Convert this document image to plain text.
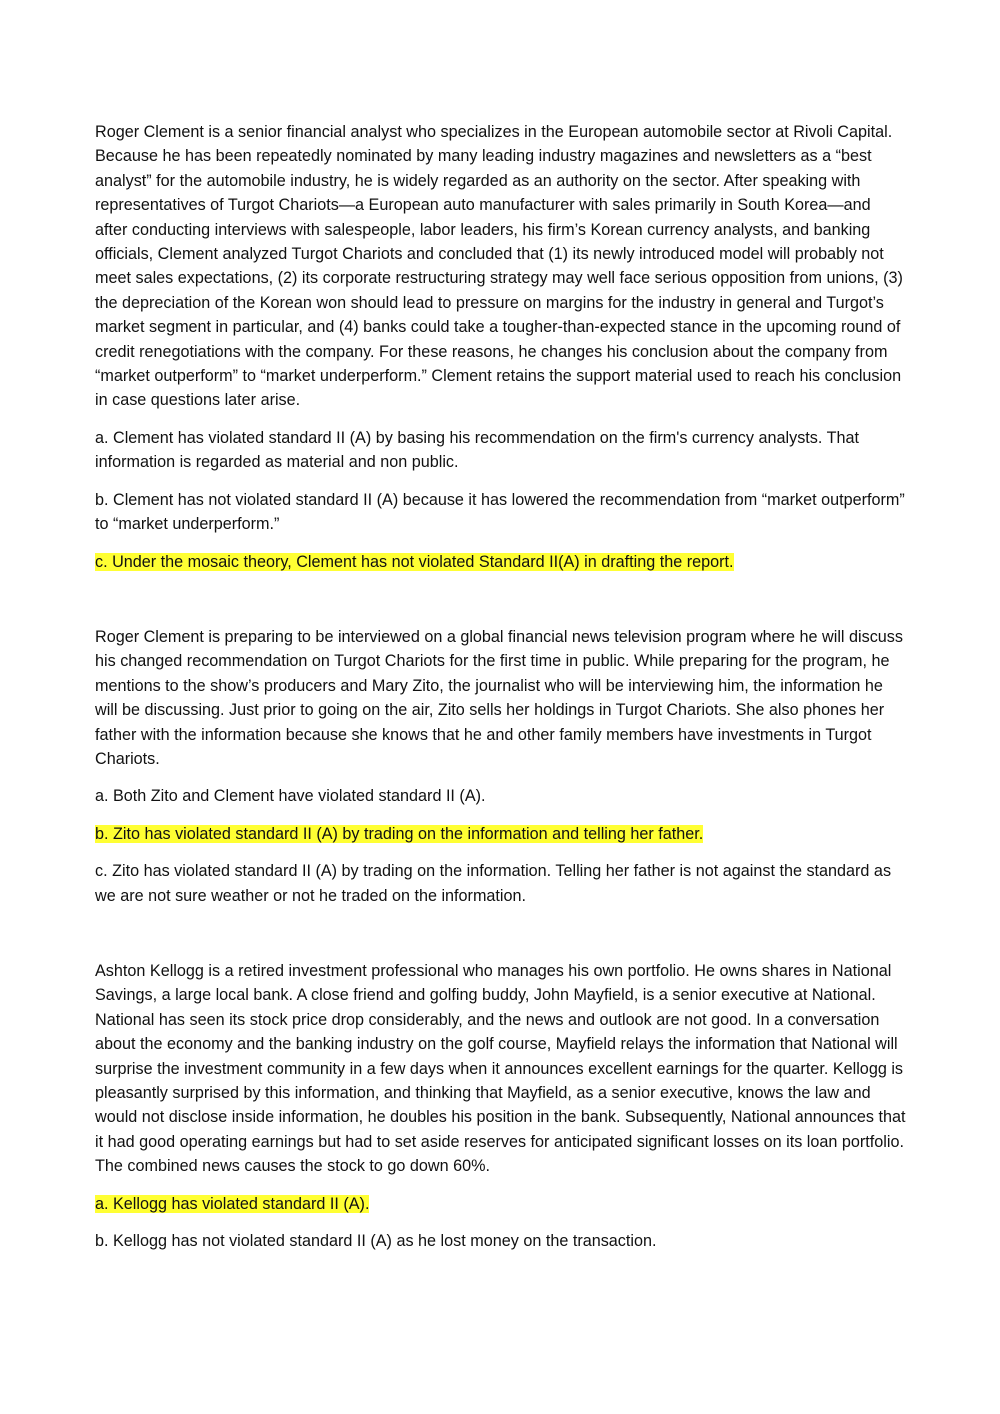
Roger Clement is a senior financial analyst who specializes in the European automobile sector at Rivoli Capital. Because he has been repeatedly nominated by many leading industry magazines and newsletters as a “best analyst” for the automobile industry, he is widely regarded as an authority on the sector. After speaking with representatives of Turgot Chariots—a European auto manufacturer with sales primarily in South Korea—and after conducting interviews with salespeople, labor leaders, his firm’s Korean currency analysts, and banking officials, Clement analyzed Turgot Chariots and concluded that (1) its newly introduced model will probably not meet sales expectations, (2) its corporate restructuring strategy may well face serious opposition from unions, (3) the depreciation of the Korean won should lead to pressure on margins for the industry in general and Turgot’s market segment in particular, and (4) banks could take a tougher-than-expected stance in the upcoming round of credit renegotiations with the company. For these reasons, he changes his conclusion about the company from “market outperform” to “market underperform.” Clement retains the support material used to reach his conclusion in case questions later arise.

a. Clement has violated standard II (A) by basing his recommendation on the firm's currency analysts. That information is regarded as material and non public.

b. Clement has not violated standard II (A) because it has lowered the recommendation from “market outperform” to “market underperform.”

c. Under the mosaic theory, Clement has not violated Standard II(A) in drafting the report.

Roger Clement is preparing to be interviewed on a global financial news television program where he will discuss his changed recommendation on Turgot Chariots for the first time in public. While preparing for the program, he mentions to the show’s producers and Mary Zito, the journalist who will be interviewing him, the information he will be discussing. Just prior to going on the air, Zito sells her holdings in Turgot Chariots. She also phones her father with the information because she knows that he and other family members have investments in Turgot Chariots.

a. Both Zito and Clement have violated standard II (A).

b. Zito has violated standard II (A) by trading on the information and telling her father.

c. Zito has violated standard II (A) by trading on the information. Telling her father is not against the standard as we are not sure weather or not he traded on the information.

Ashton Kellogg is a retired investment professional who manages his own portfolio. He owns shares in National Savings, a large local bank. A close friend and golfing buddy, John Mayfield, is a senior executive at National. National has seen its stock price drop considerably, and the news and outlook are not good. In a conversation about the economy and the banking industry on the golf course, Mayfield relays the information that National will surprise the investment community in a few days when it announces excellent earnings for the quarter. Kellogg is pleasantly surprised by this information, and thinking that Mayfield, as a senior executive, knows the law and would not disclose inside information, he doubles his position in the bank. Subsequently, National announces that it had good operating earnings but had to set aside reserves for anticipated significant losses on its loan portfolio. The combined news causes the stock to go down 60%.

a. Kellogg has violated standard II (A).

b. Kellogg has not violated standard II (A) as he lost money on the transaction.
